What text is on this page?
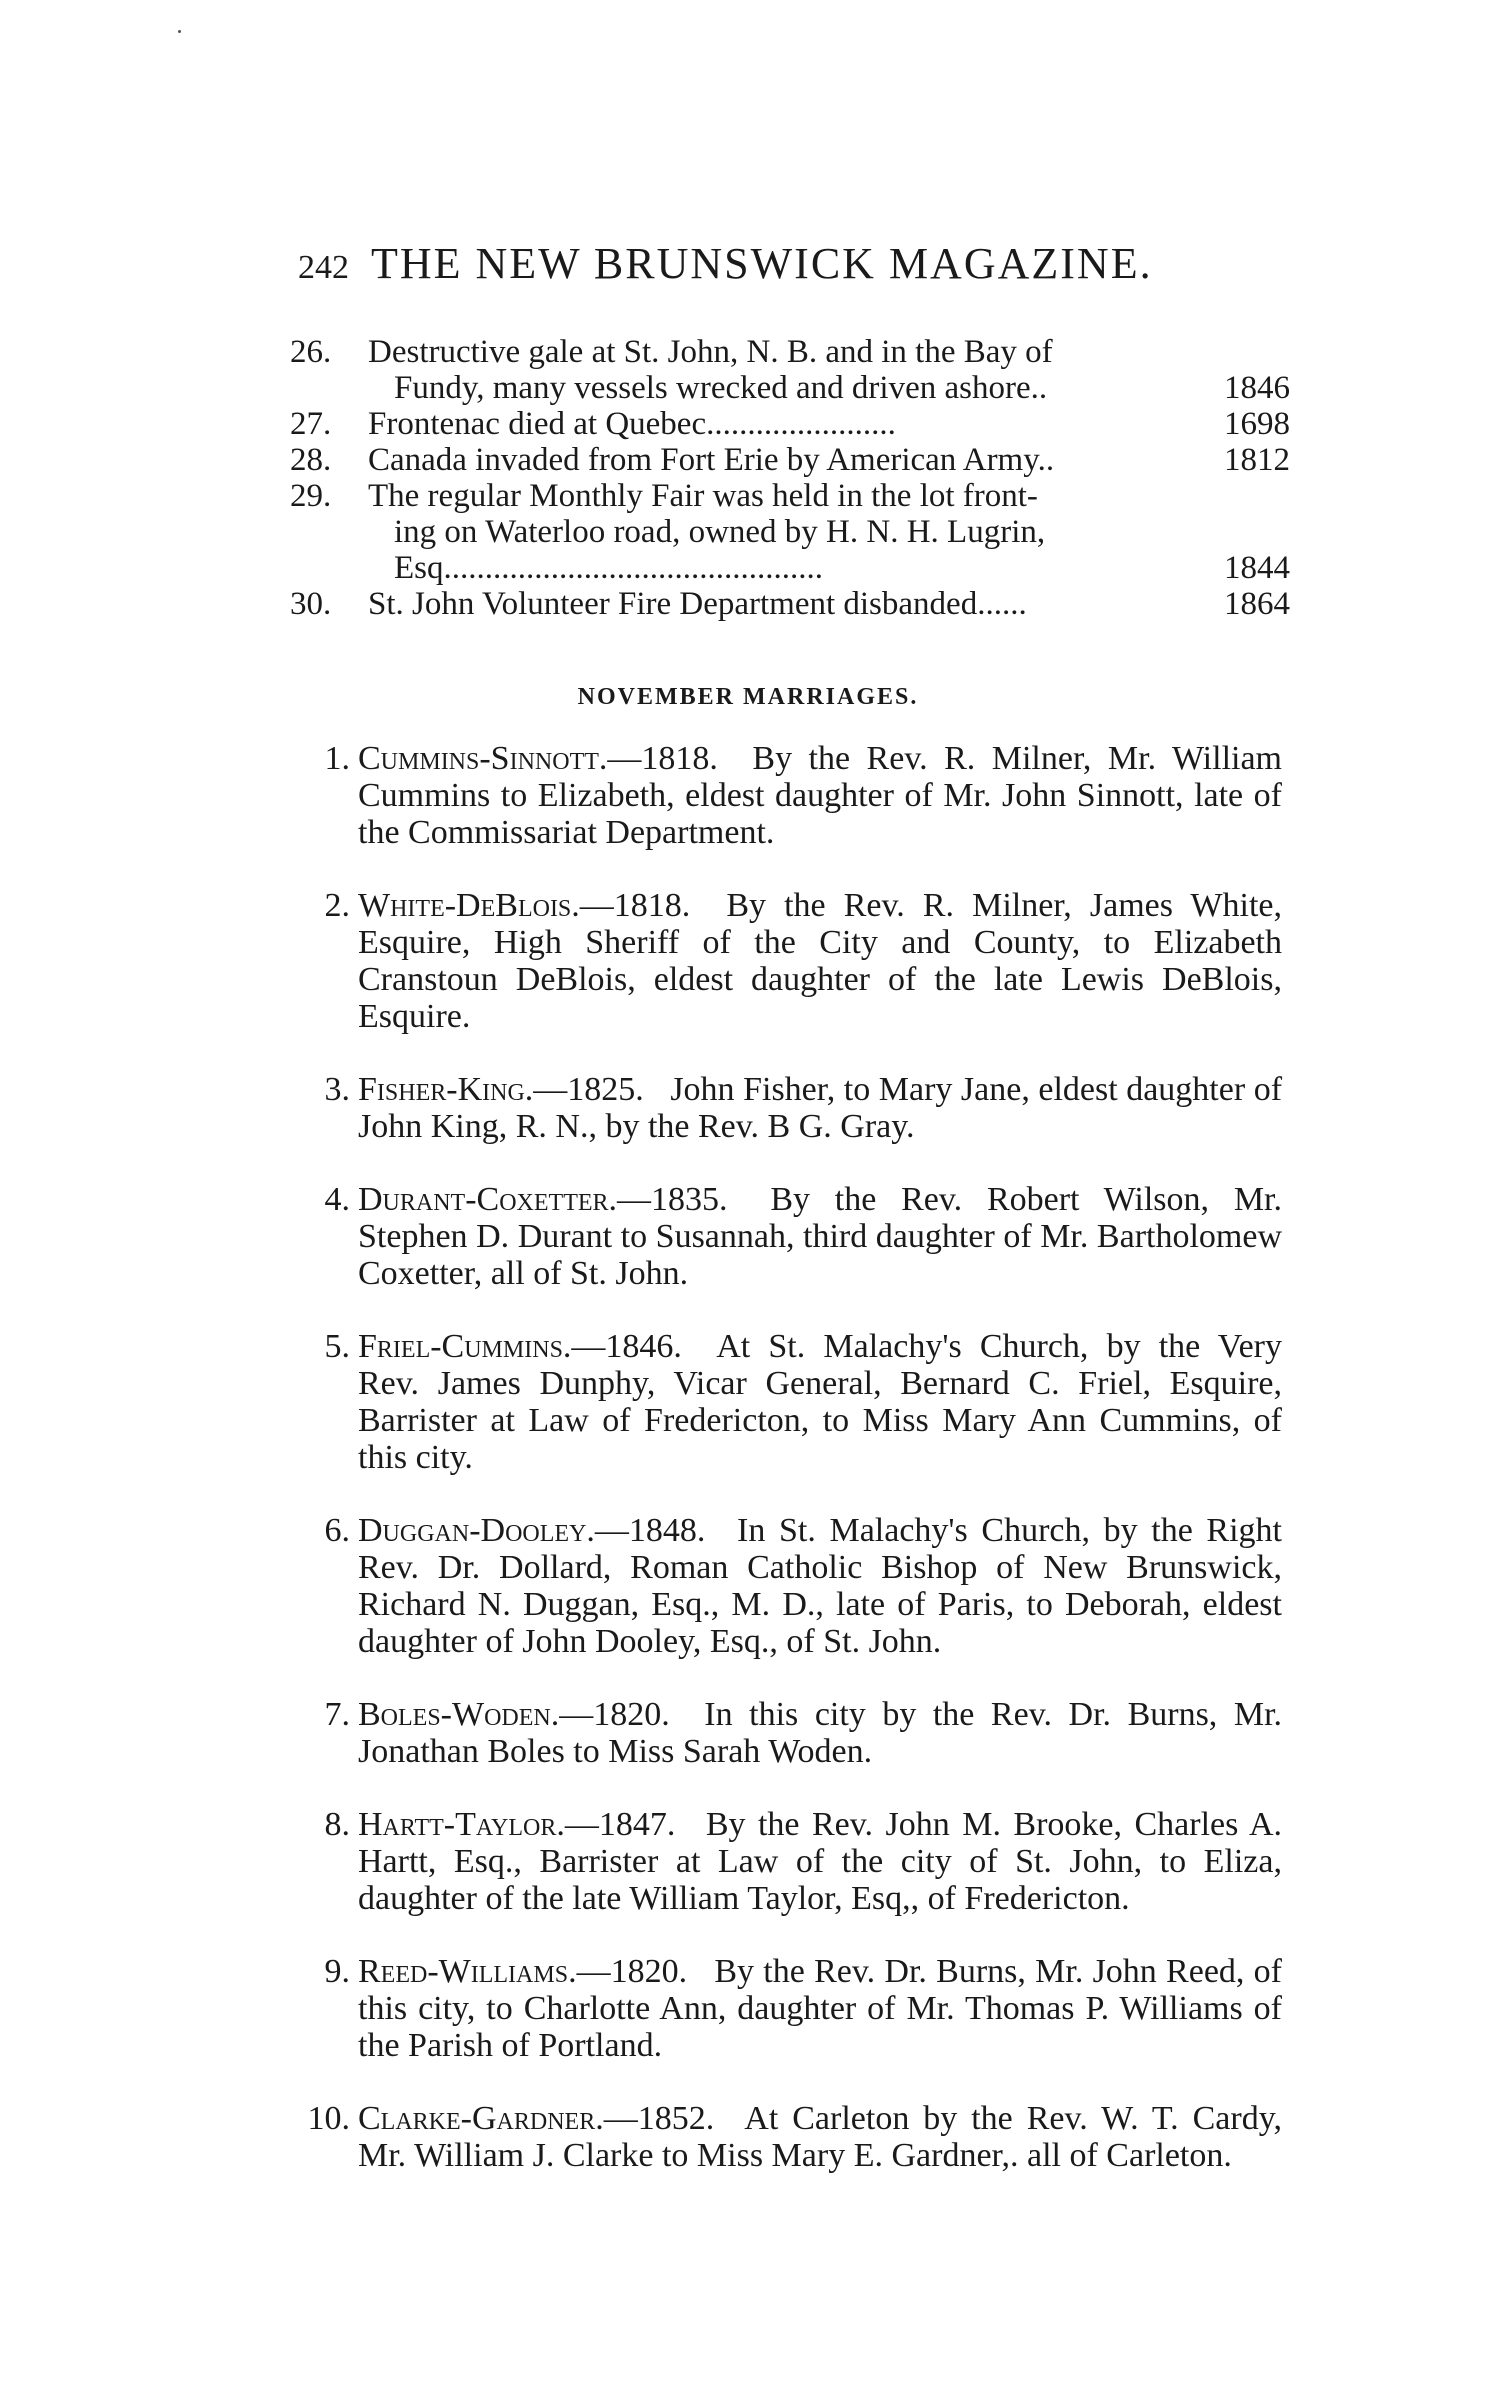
242 THE NEW BRUNSWICK MAGAZINE.
26.	Destructive gale at St. John, N. B. and in the Bay of
Fundy, many vessels wrecked and driven ashore..	1846
27.	Frontenac died at Quebec.......................	1698
28.	Canada invaded from Fort Erie by American Army..	1812
29.	The regular Monthly Fair was held in the lot front-
ing on Waterloo road, owned by H. N. H. Lugrin,
Esq..............................................	1844
30.	St. John Volunteer Fire Department disbanded......	1864
NOVEMBER MARRIAGES.
1. Cummins-Sinnott.—1818. By the Rev. R. Milner, Mr. William Cummins to Elizabeth, eldest daughter of Mr. John Sinnott, late of the Commissariat Department.
2. White-DeBlois.—1818. By the Rev. R. Milner, James White, Esquire, High Sheriff of the City and County, to Elizabeth Cranstoun DeBlois, eldest daughter of the late Lewis DeBlois, Esquire.
3. Fisher-King.—1825. John Fisher, to Mary Jane, eldest daughter of John King, R. N., by the Rev. B G. Gray.
4. Durant-Coxetter.—1835. By the Rev. Robert Wilson, Mr. Stephen D. Durant to Susannah, third daughter of Mr. Bartholomew Coxetter, all of St. John.
5. Friel-Cummins.—1846. At St. Malachy's Church, by the Very Rev. James Dunphy, Vicar General, Bernard C. Friel, Esquire, Barrister at Law of Fredericton, to Miss Mary Ann Cummins, of this city.
6. Duggan-Dooley.—1848. In St. Malachy's Church, by the Right Rev. Dr. Dollard, Roman Catholic Bishop of New Brunswick, Richard N. Duggan, Esq., M. D., late of Paris, to Deborah, eldest daughter of John Dooley, Esq., of St. John.
7. Boles-Woden.—1820. In this city by the Rev. Dr. Burns, Mr. Jonathan Boles to Miss Sarah Woden.
8. Hartt-Taylor.—1847. By the Rev. John M. Brooke, Charles A. Hartt, Esq., Barrister at Law of the city of St. John, to Eliza, daughter of the late William Taylor, Esq,, of Fredericton.
9. Reed-Williams.—1820. By the Rev. Dr. Burns, Mr. John Reed, of this city, to Charlotte Ann, daughter of Mr. Thomas P. Williams of the Parish of Portland.
10. Clarke-Gardner.—1852. At Carleton by the Rev. W. T. Cardy, Mr. William J. Clarke to Miss Mary E. Gardner,. all of Carleton.
